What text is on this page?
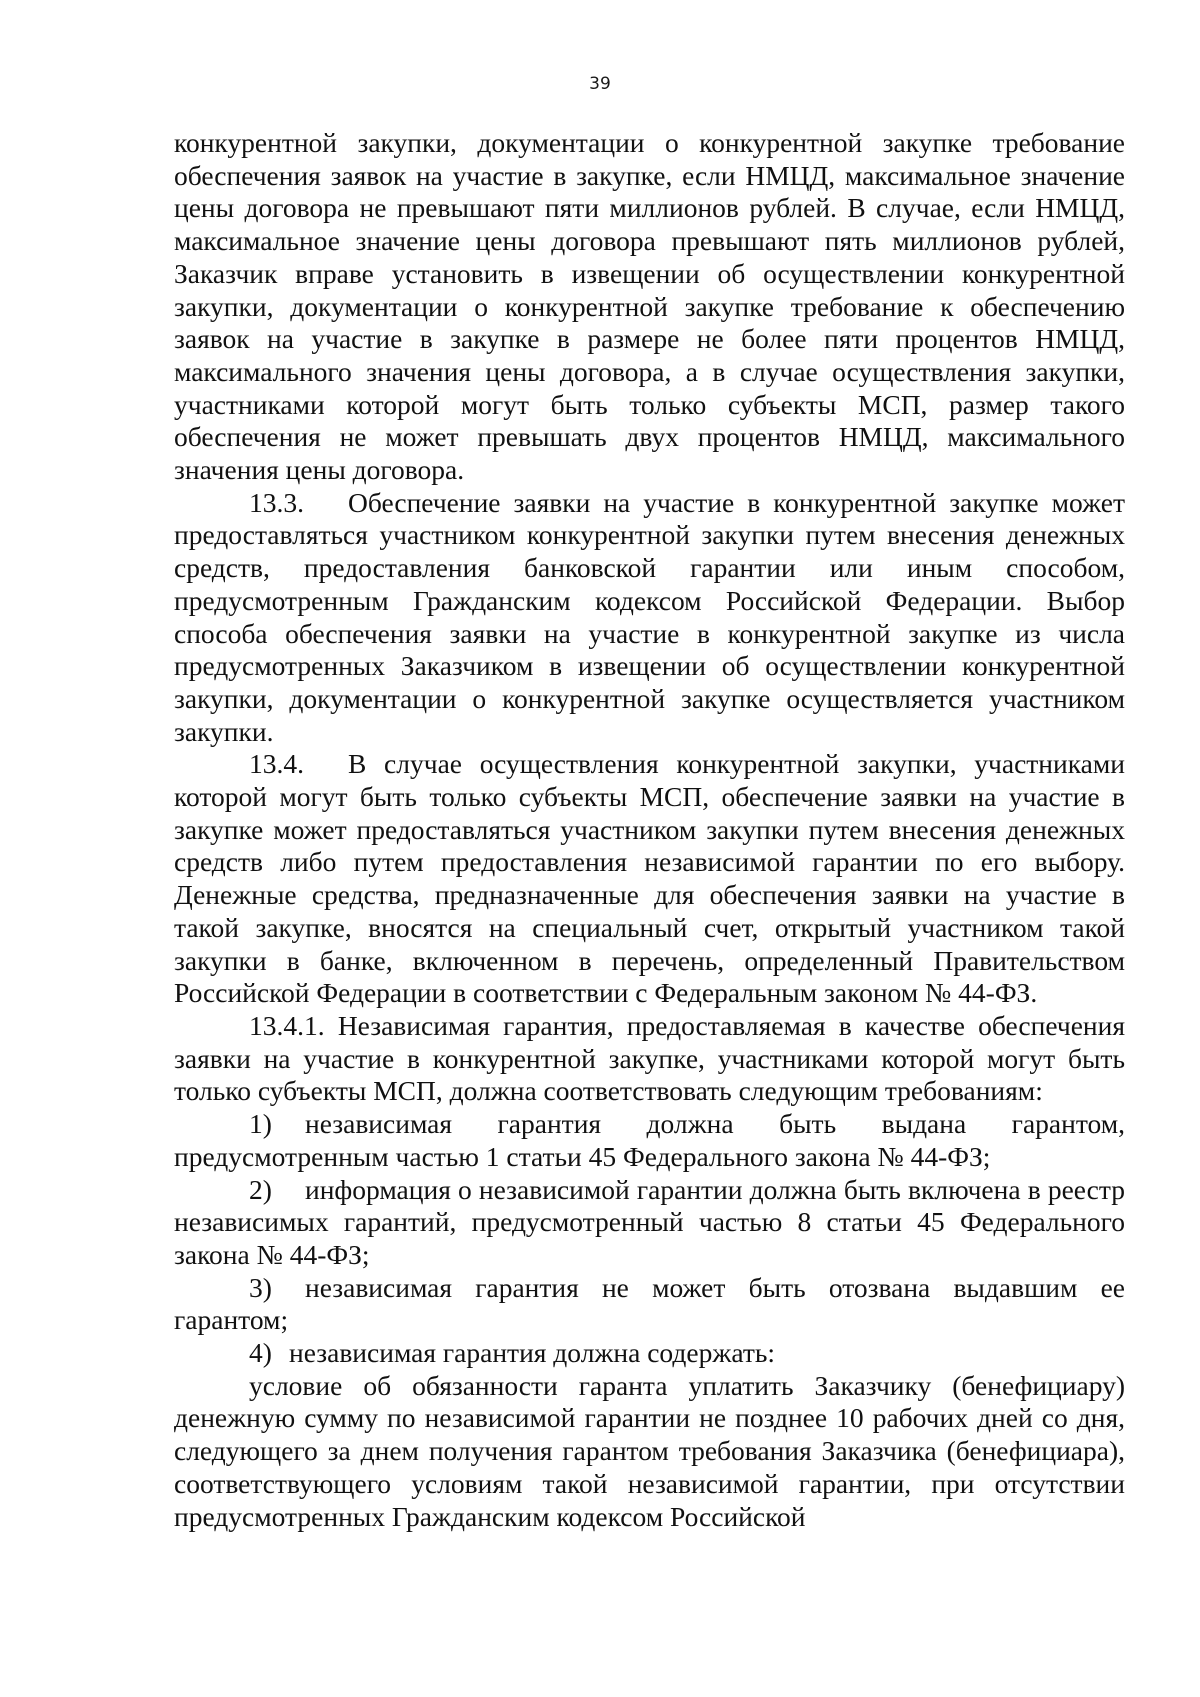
39

конкурентной закупки, документации о конкурентной закупке требование обеспечения заявок на участие в закупке, если НМЦД, максимальное значение цены договора не превышают пяти миллионов рублей. В случае, если НМЦД, максимальное значение цены договора превышают пять миллионов рублей, Заказчик вправе установить в извещении об осуществлении конкурентной закупки, документации о конкурентной закупке требование к обеспечению заявок на участие в закупке в размере не более пяти процентов НМЦД, максимального значения цены договора, а в случае осуществления закупки, участниками которой могут быть только субъекты МСП, размер такого обеспечения не может превышать двух процентов НМЦД, максимального значения цены договора.

13.3. Обеспечение заявки на участие в конкурентной закупке может предоставляться участником конкурентной закупки путем внесения денежных средств, предоставления банковской гарантии или иным способом, предусмотренным Гражданским кодексом Российской Федерации. Выбор способа обеспечения заявки на участие в конкурентной закупке из числа предусмотренных Заказчиком в извещении об осуществлении конкурентной закупки, документации о конкурентной закупке осуществляется участником закупки.

13.4. В случае осуществления конкурентной закупки, участниками которой могут быть только субъекты МСП, обеспечение заявки на участие в закупке может предоставляться участником закупки путем внесения денежных средств либо путем предоставления независимой гарантии по его выбору. Денежные средства, предназначенные для обеспечения заявки на участие в такой закупке, вносятся на специальный счет, открытый участником такой закупки в банке, включенном в перечень, определенный Правительством Российской Федерации в соответствии с Федеральным законом № 44-ФЗ.

13.4.1. Независимая гарантия, предоставляемая в качестве обеспечения заявки на участие в конкурентной закупке, участниками которой могут быть только субъекты МСП, должна соответствовать следующим требованиям:

1) независимая гарантия должна быть выдана гарантом, предусмотренным частью 1 статьи 45 Федерального закона № 44-ФЗ;

2) информация о независимой гарантии должна быть включена в реестр независимых гарантий, предусмотренный частью 8 статьи 45 Федерального закона № 44-ФЗ;

3) независимая гарантия не может быть отозвана выдавшим ее гарантом;

4) независимая гарантия должна содержать:

условие об обязанности гаранта уплатить Заказчику (бенефициару) денежную сумму по независимой гарантии не позднее 10 рабочих дней со дня, следующего за днем получения гарантом требования Заказчика (бенефициара), соответствующего условиям такой независимой гарантии, при отсутствии предусмотренных Гражданским кодексом Российской
